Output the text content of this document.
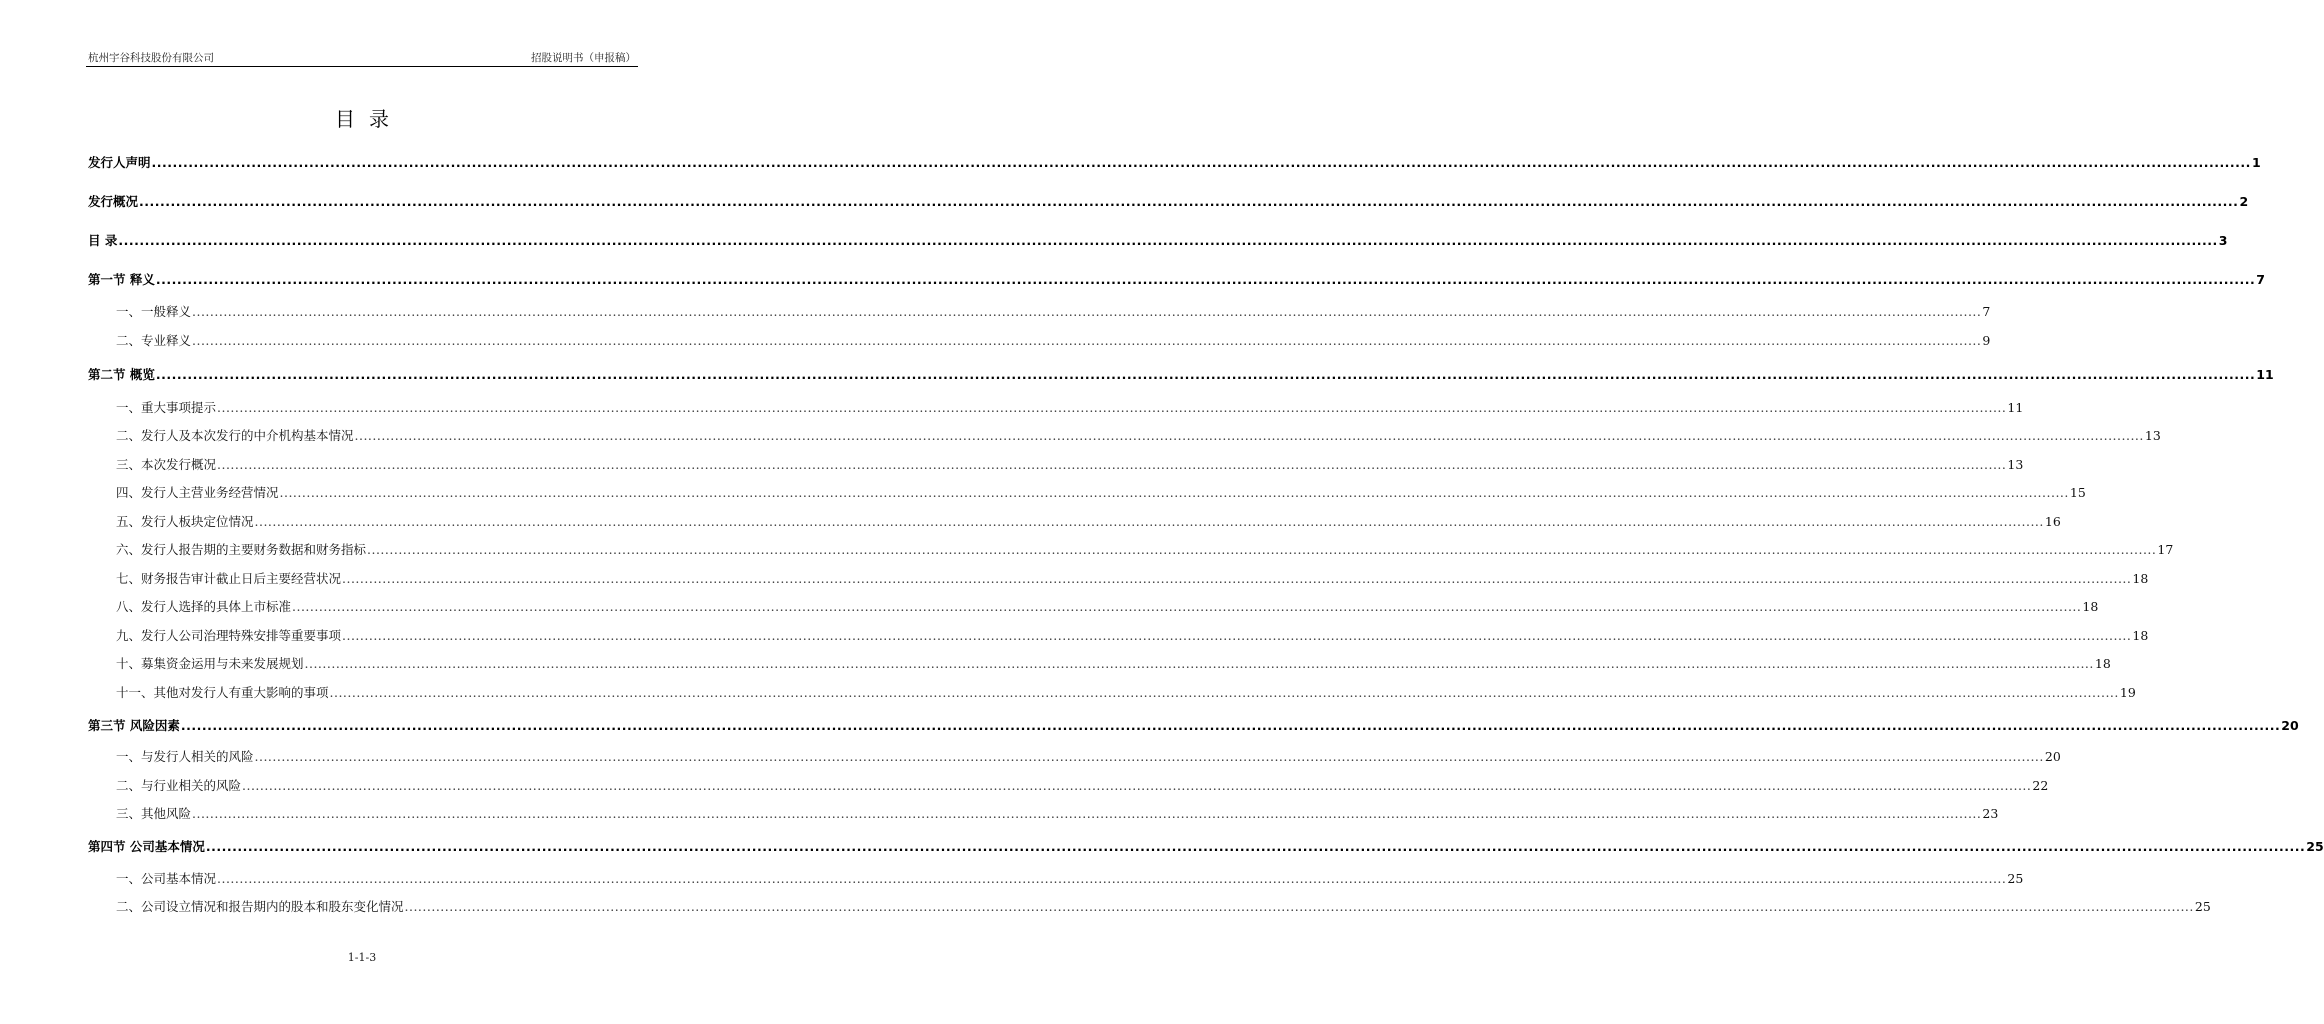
杭州宇谷科技股份有限公司	招股说明书（申报稿）
目录
发行人声明 ................................................................................................................................................................................................................................................................................................................................................................................................................ 1
发行概况 ................................................................................................................................................................................................................................................................................................................................................................................................................ 2
目 录 ................................................................................................................................................................................................................................................................................................................................................................................................................ 3
第一节 释义 ................................................................................................................................................................................................................................................................................................................................................................................................................ 7
一、一般释义 ................................................................................................................................................................................................................................................................................................................................................................................................................ 7
二、专业释义 ................................................................................................................................................................................................................................................................................................................................................................................................................ 9
第二节 概览 ................................................................................................................................................................................................................................................................................................................................................................................................................ 11
一、重大事项提示 ................................................................................................................................................................................................................................................................................................................................................................................................................ 11
二、发行人及本次发行的中介机构基本情况 ................................................................................................................................................................................................................................................................................................................................................................................................................ 13
三、本次发行概况 ................................................................................................................................................................................................................................................................................................................................................................................................................ 13
四、发行人主营业务经营情况 ................................................................................................................................................................................................................................................................................................................................................................................................................ 15
五、发行人板块定位情况 ................................................................................................................................................................................................................................................................................................................................................................................................................ 16
六、发行人报告期的主要财务数据和财务指标 ................................................................................................................................................................................................................................................................................................................................................................................................................ 17
七、财务报告审计截止日后主要经营状况 ................................................................................................................................................................................................................................................................................................................................................................................................................ 18
八、发行人选择的具体上市标准 ................................................................................................................................................................................................................................................................................................................................................................................................................ 18
九、发行人公司治理特殊安排等重要事项 ................................................................................................................................................................................................................................................................................................................................................................................................................ 18
十、募集资金运用与未来发展规划 ................................................................................................................................................................................................................................................................................................................................................................................................................ 18
十一、其他对发行人有重大影响的事项 ................................................................................................................................................................................................................................................................................................................................................................................................................ 19
第三节 风险因素 ................................................................................................................................................................................................................................................................................................................................................................................................................ 20
一、与发行人相关的风险 ................................................................................................................................................................................................................................................................................................................................................................................................................ 20
二、与行业相关的风险 ................................................................................................................................................................................................................................................................................................................................................................................................................ 22
三、其他风险 ................................................................................................................................................................................................................................................................................................................................................................................................................ 23
第四节 公司基本情况 ................................................................................................................................................................................................................................................................................................................................................................................................................ 25
一、公司基本情况 ................................................................................................................................................................................................................................................................................................................................................................................................................ 25
二、公司设立情况和报告期内的股本和股东变化情况 ................................................................................................................................................................................................................................................................................................................................................................................................................ 25
1-1-3
